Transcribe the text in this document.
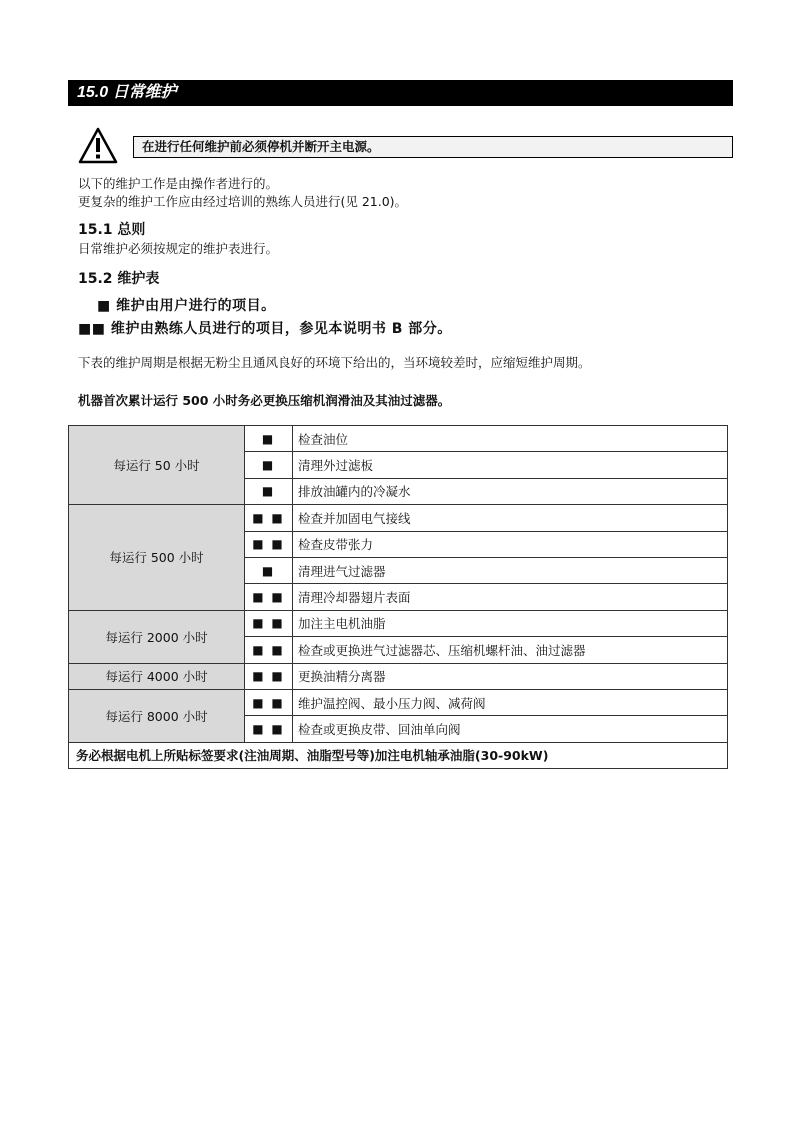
15.0 日常维护
在进行任何维护前必须停机并断开主电源。
以下的维护工作是由操作者进行的。
更复杂的维护工作应由经过培训的熟练人员进行(见 21.0)。
15.1 总则
日常维护必须按规定的维护表进行。
15.2 维护表
■ 维护由用户进行的项目。
■■ 维护由熟练人员进行的项目，参见本说明书 B 部分。
下表的维护周期是根据无粉尘且通风良好的环境下给出的，当环境较差时，应缩短维护周期。
机器首次累计运行 500 小时务必更换压缩机润滑油及其油过滤器。
每运行 50 小时	■	检查油位
	■	清理外过滤板
	■	排放油罐内的冷凝水
每运行 500 小时	■ ■	检查并加固电气接线
	■ ■	检查皮带张力
	■	清理进气过滤器
	■ ■	清理冷却器翅片表面
每运行 2000 小时	■ ■	加注主电机油脂
	■ ■	检查或更换进气过滤器芯、压缩机螺杆油、油过滤器
每运行 4000 小时	■ ■	更换油精分离器
每运行 8000 小时	■ ■	维护温控阀、最小压力阀、减荷阀
	■ ■	检查或更换皮带、回油单向阀
务必根据电机上所贴标签要求(注油周期、油脂型号等)加注电机轴承油脂(30-90kW)		
